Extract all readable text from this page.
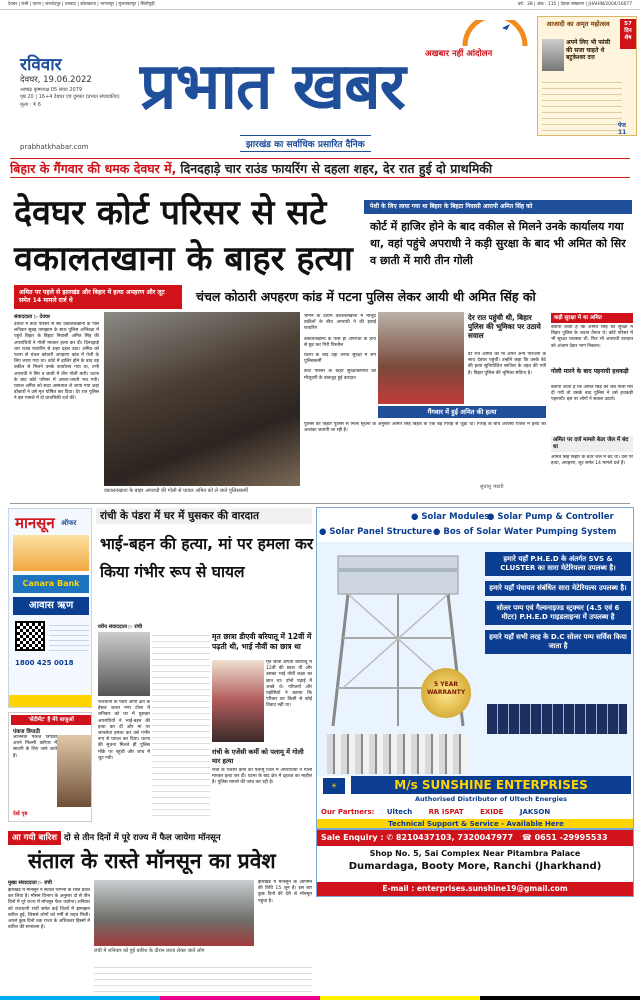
देवघर | रांची | पटना | जमशेदपुर | धनबाद | कोलकाता | भागलपुर | मुजफ्फरपुर | सिलीगुड़ी	वर्ष : 38 | अंक : 115 | देवघर संस्करण | JHAHIN/2004/16077
रविवार
देवघर, 19.06.2022
आषाढ़ कृष्णपक्ष 05 संवत 2079
पृष्ठ 20 | 16+4 देवघर एवं दुमका (प्रभात संपादकीय)
मूल्य : ₹ 6
prabhatkhabar.com
अखबार नहीं आंदोलन
प्रभात खबर
झारखंड का सर्वाधिक प्रसारित दैनिक
आजादी का अमृत महोत्सव	57 दिन शेष
अपने लिए भी फांसी की सजा चाहते थे बटुकेश्वर दत्त
पेज 11
बिहार के गैंगवार की धमक देवघर में, दिनदहाड़े चार राउंड फायरिंग से दहला शहर, देर रात हुई दो प्राथमिकी
देवघर कोर्ट परिसर से सटे वकालतखाना के बाहर हत्या
पेशी के लिए लाया गया था बिहार के बिहटा निवासी आरापी अमित सिंह को
कोर्ट में हाजिर होने के बाद वकील से मिलने उनके कार्यालय गया था, वहां पहुंचे अपराधी ने कड़ी सुरक्षा के बाद भी अमित को सिर व छाती में मारी तीन गोली
अमित पर पहले से झारखंड और बिहार में हत्या अपहरण और लूट समेत 14 मामले दर्ज थे	चंचल कोठारी अपहरण कांड में पटना पुलिस लेकर आयी थी अमित सिंह को
संवाददाता ▷ देवघर
देवघर में कोर्ट परिसर से सटे वकालतखाना के पास शनिवार सुबह तामझाम के साथ पुलिस अभिरक्षा में पहुंचे बिहार के बिहटा निवासी अमित सिंह की अपराधियों ने गोली मारकर हत्या कर दी। दिनदहाड़े चार राउंड फायरिंग से शहर दहल उठा। अमित को पटना से चंचल कोठारी अपहरण कांड में पेशी के लिए लाया गया था। कोर्ट में हाजिर होने के बाद वह वकील से मिलने उनके कार्यालय गया था, तभी अपराधी ने सिर व छाती में तीन गोली मारी। घटना के बाद कोर्ट परिसर में अफरा-तफरी मच गयी। घायल अमित को सदर अस्पताल ले जाया गया जहां डॉक्टरों ने उसे मृत घोषित कर दिया। देर रात पुलिस ने इस मामले में दो प्राथमिकी दर्ज की।
वकालतखाना के बाहर अपराधी की गोली से घायल अमित को ले जाते पुलिसकर्मी
भागने के दौरान वकालतखाना में मौजूद वकीलों के बीच अपराधी ने की हवाई फायरिंग
वकालतखाना के पास ही अपराधी के हाथ से छूट कर गिरी पिस्तौल
घटना के बाद वहां तैनात सुरक्षा में लगे पुलिसकर्मी
कोर्ट परिसर के बाहर सुरक्षाकर्मियों की मौजूदगी के बावजूद हुई वारदात
देर रात पहुंची थी, बिहार पुलिस की भूमिका पर उठाये सवाल
देर रात अमित की मां अपने अन्य परिजनों के साथ देवघर पहुंचीं। उन्होंने कहा कि उनके बेटे की हत्या सुनियोजित साजिश के तहत की गयी है। बिहार पुलिस की भूमिका संदिग्ध है।
गैंगवार में हुई अमित की हत्या
पुलिस को बिहार पुलिस से मिली सूचना के अनुसार अमित सिंह बिहार के एक बड़े गिरोह से जुड़ा था। गिरोह के बीच आपसी रंजिश में हत्या की आशंका जतायी जा रही है।
सुधांशु भंडारी
कड़ी सुरक्षा में था अमित
बताया जाता है कि अमित सिंह की सुरक्षा में बिहार पुलिस के जवान तैनात थे। कोर्ट परिसर में भी सुरक्षा व्यवस्था थी, फिर भी अपराधी वारदात को अंजाम देकर भाग निकला।
गोली मारने के बाद पहनायी हथकड़ी
बताया जाता है कि अमित सिंह को जब गोली मार दी गयी तो उसके बाद पुलिस ने उसे हथकड़ी पहनायी। इस पर लोगों ने सवाल उठाये।
अमित पर दर्ज मामले बेउर जेल में बंद था
अमित सिंह बिहार के बेउर जेल में बंद था। उस पर हत्या, अपहरण, लूट समेत 14 मामले दर्ज हैं।
मानसून ऑफर
Canara Bank
आवास ऋण
1800 425 0018
'सेंटीमेंट' है मेरे बाजुओं
पंकज त्रिपाठी
अभिनेता पंकज त्रिपाठी अपने फिल्मी करियर में सादगी के लिए जाने जाते हैं।
देखें पृष्ठ
रांची के पंडरा में घर में घुसकर की वारदात
भाई-बहन की हत्या, मां पर हमला कर किया गंभीर रूप से घायल
वरीय संवाददाता ▷ रांची
राजधानी के पंडरा ओपी क्षेत्र के हेसल जतरा नगर टोला में शनिवार को घर में घुसकर अपराधियों ने भाई-बहन की हत्या कर दी और मां पर जानलेवा हमला कर उसे गंभीर रूप से घायल कर दिया। घटना की सूचना मिलते ही पुलिस मौके पर पहुंची और जांच में जुट गयी।
मृत छात्रा डीएवी बरियातू में 12वीं में पढ़ती थी, भाई नौवीं का छात्र था
मृत छात्रा डीएवी बरियातू में 12वीं की छात्रा थी और उसका भाई नौवीं कक्षा का छात्र था। दोनों पढ़ाई में अच्छे थे। परिजनों और पड़ोसियों ने बताया कि परिवार का किसी से कोई विवाद नहीं था।
रांची के एजेंसी कर्मी को पलामू में गोली मार हत्या
रांची के एजेंसी कर्मी की पलामू जिले में अपराधियों ने गोली मारकर हत्या कर दी। घटना के बाद क्षेत्र में दहशत का माहौल है। पुलिस मामले की जांच कर रही है।
● Solar Modules
● Solar Pump & Controller
● Solar Panel Structure ● Bos of Solar Water Pumping System
5 YEAR WARRANTY
हमारे यहाँ P.H.E.D के अंतर्गत SVS & CLUSTER का सारा मेटेरियल्स उपलब्ध है।
हमारे यहाँ पंचायत संबंधित सारा मेटेरियल्स उपलब्ध है।
सोलर पम्प एवं गैल्वनाइज्ड स्ट्रक्चर (4.5 एवं 6 मीटर) P.H.E.D गाइडलाइन्स में उपलब्ध है
हमारे यहाँ सभी तरह के D.C सोलर पम्प सर्विस किया जाता है
☀	M/s SUNSHINE ENTERPRISES
Authorised Distributor of Ultech Energies
Our Partners: Ultech RR ISPAT EXIDE JAKSON
Technical Support & Service - Available Here
Sale Enquiry : ✆ 8210437103, 7320047977 ☎ 0651 -29995533
Shop No. 5, Sai Complex Near Pitambra Palace
Dumardaga, Booty More, Ranchi (Jharkhand)
E-mail : enterprises.sunshine19@gmail.com
आ गयी बारिश दो से तीन दिनों में पूरे राज्य में फैल जायेगा मॉनसून
संताल के रास्ते मॉनसून का प्रवेश
मुख्य संवाददाता ▷ रांची
झारखंड में मॉनसून ने संताल परगना के रास्ते प्रवेश कर लिया है। मौसम विभाग के अनुसार दो से तीन दिनों में पूरे राज्य में मॉनसून फैल जायेगा। शनिवार को राजधानी रांची समेत कई जिलों में झमाझम बारिश हुई, जिससे लोगों को गर्मी से राहत मिली। अगले कुछ दिनों तक राज्य के अधिकतर हिस्सों में बारिश की संभावना है।
रांची में शनिवार को हुई बारिश के दौरान छाता लेकर जाते लोग
झारखंड में मॉनसून के आगमन की तिथि 15 जून है। इस बार कुछ दिनों की देरी से मॉनसून पहुंचा है।
